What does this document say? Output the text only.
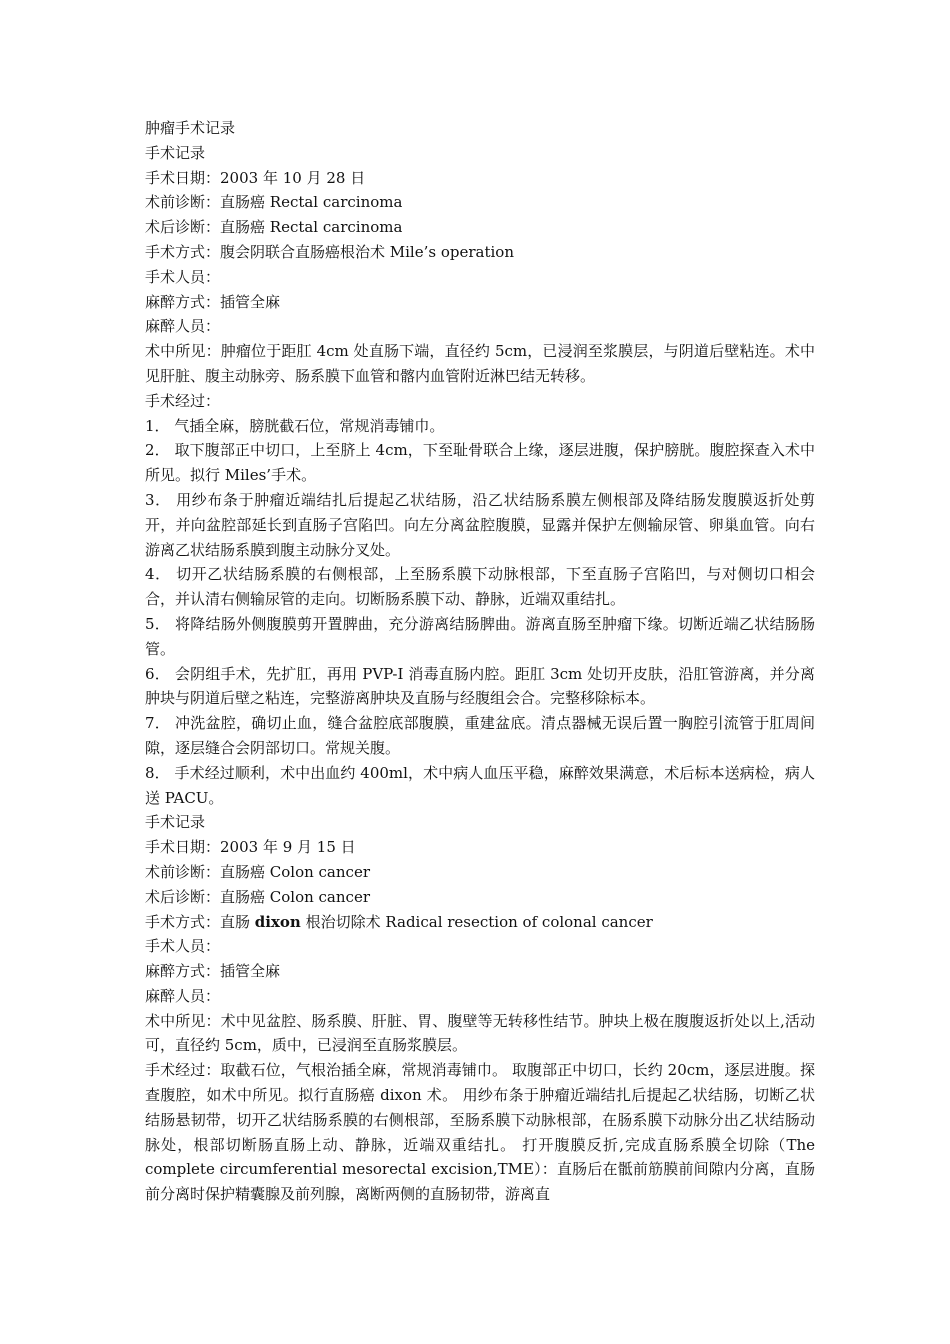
肿瘤手术记录
手术记录
手术日期：2003 年 10 月 28 日
术前诊断：直肠癌 Rectal carcinoma
术后诊断：直肠癌 Rectal carcinoma
手术方式：腹会阴联合直肠癌根治术 Mile’s operation
手术人员：
麻醉方式：插管全麻
麻醉人员：
术中所见：肿瘤位于距肛 4cm 处直肠下端，直径约 5cm，已浸润至浆膜层，与阴道后壁粘连。术中见肝脏、腹主动脉旁、肠系膜下血管和髂内血管附近淋巴结无转移。
手术经过：
1． 气插全麻，膀胱截石位，常规消毒铺巾。
2． 取下腹部正中切口，上至脐上 4cm，下至耻骨联合上缘，逐层进腹，保护膀胱。腹腔探查入术中所见。拟行 Miles’手术。
3． 用纱布条于肿瘤近端结扎后提起乙状结肠，沿乙状结肠系膜左侧根部及降结肠发腹膜返折处剪开，并向盆腔部延长到直肠子宫陷凹。向左分离盆腔腹膜，显露并保护左侧输尿管、卵巢血管。向右游离乙状结肠系膜到腹主动脉分叉处。
4． 切开乙状结肠系膜的右侧根部，上至肠系膜下动脉根部，下至直肠子宫陷凹，与对侧切口相会合，并认清右侧输尿管的走向。切断肠系膜下动、静脉，近端双重结扎。
5． 将降结肠外侧腹膜剪开置脾曲，充分游离结肠脾曲。游离直肠至肿瘤下缘。切断近端乙状结肠肠管。
6． 会阴组手术，先扩肛，再用 PVP-I 消毒直肠内腔。距肛 3cm 处切开皮肤，沿肛管游离，并分离肿块与阴道后壁之粘连，完整游离肿块及直肠与经腹组会合。完整移除标本。
7． 冲洗盆腔，确切止血，缝合盆腔底部腹膜，重建盆底。清点器械无误后置一胸腔引流管于肛周间隙，逐层缝合会阴部切口。常规关腹。
8． 手术经过顺利，术中出血约 400ml，术中病人血压平稳，麻醉效果满意，术后标本送病检，病人送 PACU。
手术记录
手术日期：2003 年 9 月 15 日
术前诊断：直肠癌 Colon cancer
术后诊断：直肠癌 Colon cancer
手术方式：直肠 dixon 根治切除术 Radical resection of colonal cancer
手术人员：
麻醉方式：插管全麻
麻醉人员：
术中所见：术中见盆腔、肠系膜、肝脏、胃、腹壁等无转移性结节。肿块上极在腹腹返折处以上,活动可，直径约 5cm，质中，已浸润至直肠浆膜层。
手术经过：取截石位，气根治插全麻，常规消毒铺巾。 取腹部正中切口，长约 20cm，逐层进腹。探查腹腔，如术中所见。拟行直肠癌 dixon 术。 用纱布条于肿瘤近端结扎后提起乙状结肠，切断乙状结肠悬韧带，切开乙状结肠系膜的右侧根部，至肠系膜下动脉根部，在肠系膜下动脉分出乙状结肠动脉处，根部切断肠直肠上动、静脉，近端双重结扎。 打开腹膜反折,完成直肠系膜全切除（The complete circumferential mesorectal excision,TME）：直肠后在骶前筋膜前间隙内分离，直肠前分离时保护精囊腺及前列腺，离断两侧的直肠韧带，游离直
